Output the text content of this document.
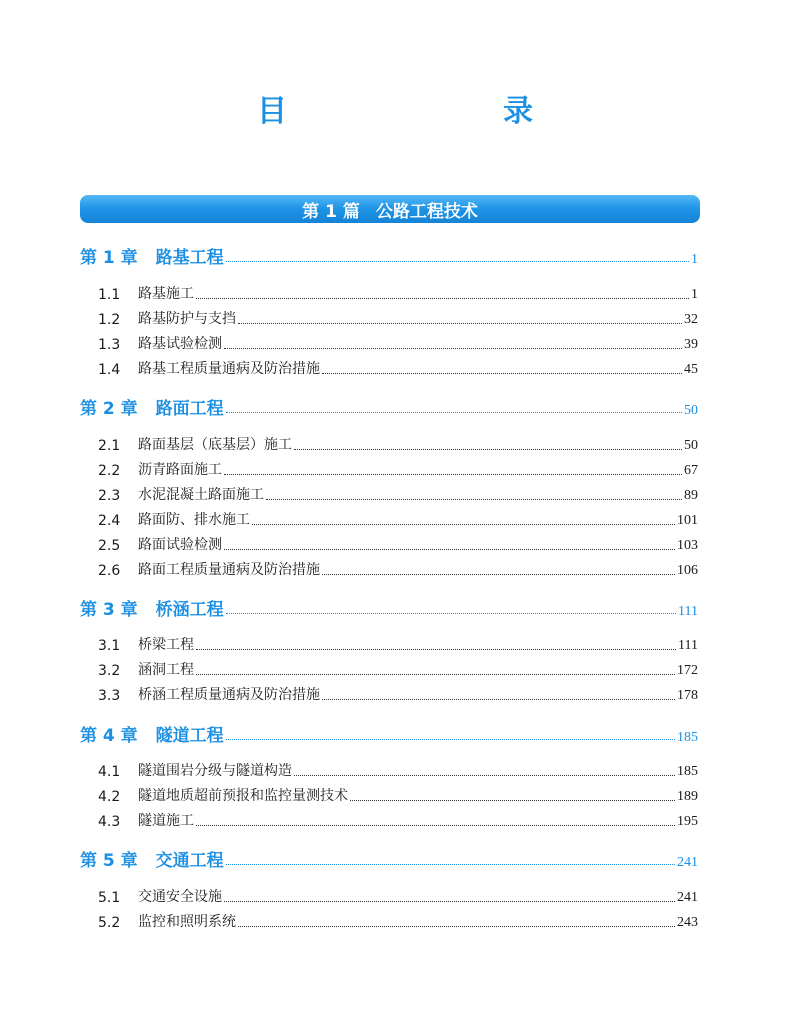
目　　录
第 1 篇 公路工程技术
第 1 章 路基工程	1
1.1	路基施工	1
1.2	路基防护与支挡	32
1.3	路基试验检测	39
1.4	路基工程质量通病及防治措施	45
第 2 章 路面工程	50
2.1	路面基层（底基层）施工	50
2.2	沥青路面施工	67
2.3	水泥混凝土路面施工	89
2.4	路面防、排水施工	101
2.5	路面试验检测	103
2.6	路面工程质量通病及防治措施	106
第 3 章 桥涵工程	111
3.1	桥梁工程	111
3.2	涵洞工程	172
3.3	桥涵工程质量通病及防治措施	178
第 4 章 隧道工程	185
4.1	隧道围岩分级与隧道构造	185
4.2	隧道地质超前预报和监控量测技术	189
4.3	隧道施工	195
第 5 章 交通工程	241
5.1	交通安全设施	241
5.2	监控和照明系统	243
